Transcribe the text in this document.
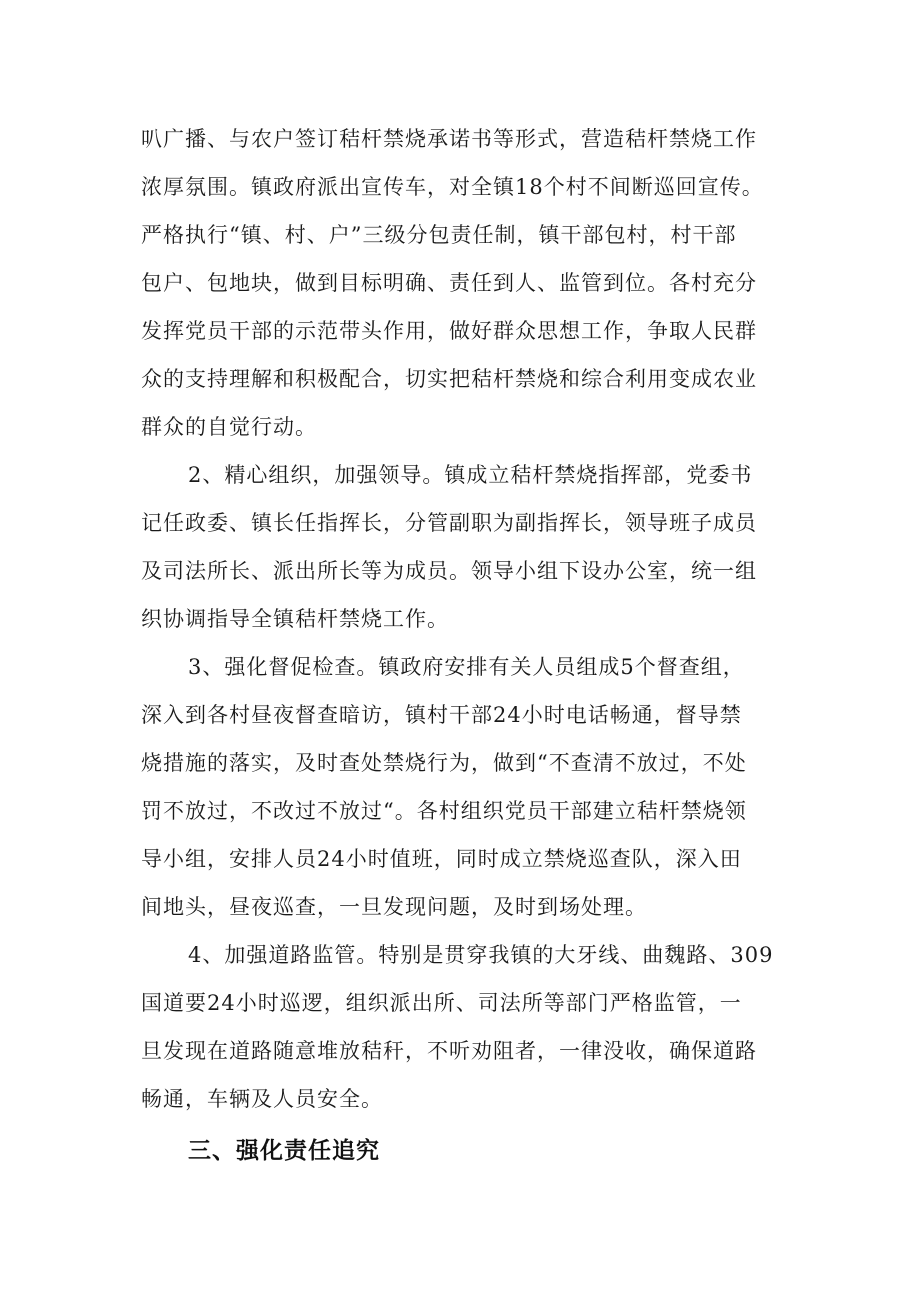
叭广播、与农户签订秸杆禁烧承诺书等形式，营造秸杆禁烧工作
浓厚氛围。镇政府派出宣传车，对全镇18个村不间断巡回宣传。
严格执行“镇、村、户”三级分包责任制，镇干部包村，村干部
包户、包地块，做到目标明确、责任到人、监管到位。各村充分
发挥党员干部的示范带头作用，做好群众思想工作，争取人民群
众的支持理解和积极配合，切实把秸杆禁烧和综合利用变成农业
群众的自觉行动。
2、精心组织，加强领导。镇成立秸杆禁烧指挥部，党委书
记任政委、镇长任指挥长，分管副职为副指挥长，领导班子成员
及司法所长、派出所长等为成员。领导小组下设办公室，统一组
织协调指导全镇秸杆禁烧工作。
3、强化督促检查。镇政府安排有关人员组成5个督查组，
深入到各村昼夜督查暗访，镇村干部24小时电话畅通，督导禁
烧措施的落实，及时查处禁烧行为，做到“不查清不放过，不处
罚不放过，不改过不放过“。各村组织党员干部建立秸杆禁烧领
导小组，安排人员24小时值班，同时成立禁烧巡查队，深入田
间地头，昼夜巡查，一旦发现问题，及时到场处理。
4、加强道路监管。特别是贯穿我镇的大牙线、曲魏路、309
国道要24小时巡逻，组织派出所、司法所等部门严格监管，一
旦发现在道路随意堆放秸秆，不听劝阻者，一律没收，确保道路
畅通，车辆及人员安全。
三、强化责任追究
